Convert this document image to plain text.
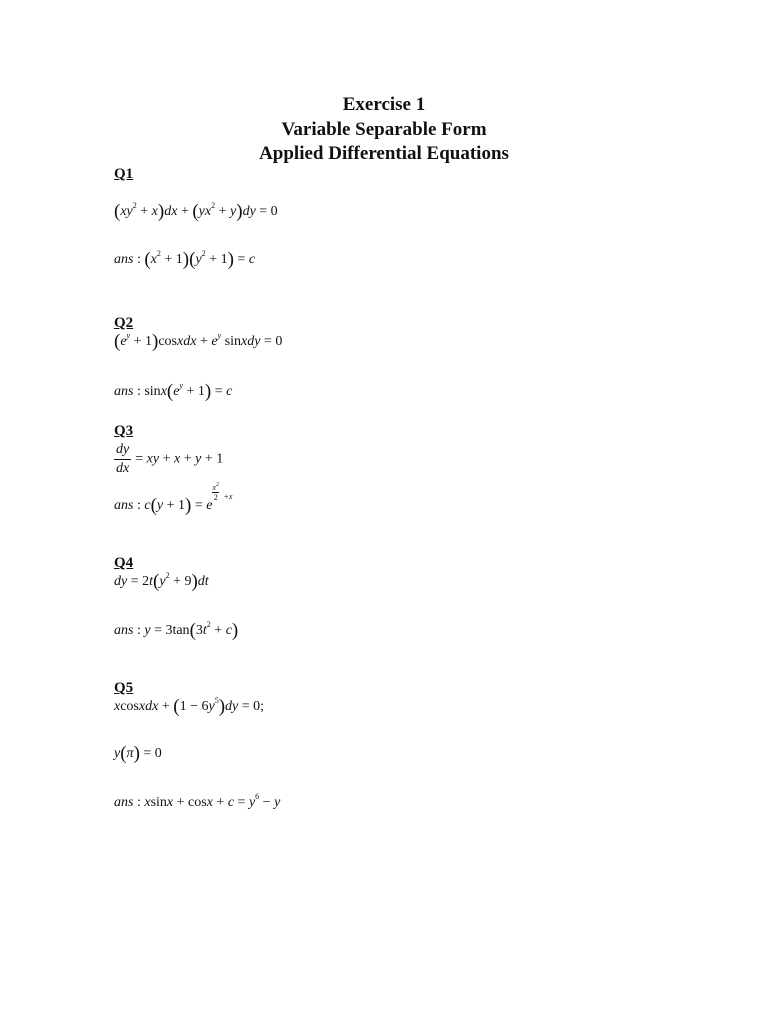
Exercise 1
Variable Separable Form
Applied Differential Equations
Q1
$(xy^2 + x)dx + (yx^2 + y)dy = 0$
ans : $(x^2 + 1)(y^2 + 1) = c$
Q2
($e^y$ + 1)cosxdx + $e^y$ sinxdy = 0
ans : $\sin x(e^y + 1) = c$
Q3
$\frac{dy}{dx}$ = xy + x + y + 1
ans : c(y + 1) = e
$x^2$
2 +x
Q4
dy = $2t(y^2 + 9)dt$
ans : $y = 3\tan(3t^2 + c)$
Q5
xcosxdx + $(1 - 6y^5)dy = 0$;
y(π) = 0
ans : $xsinx + \cos x + c = y^6 - y$
